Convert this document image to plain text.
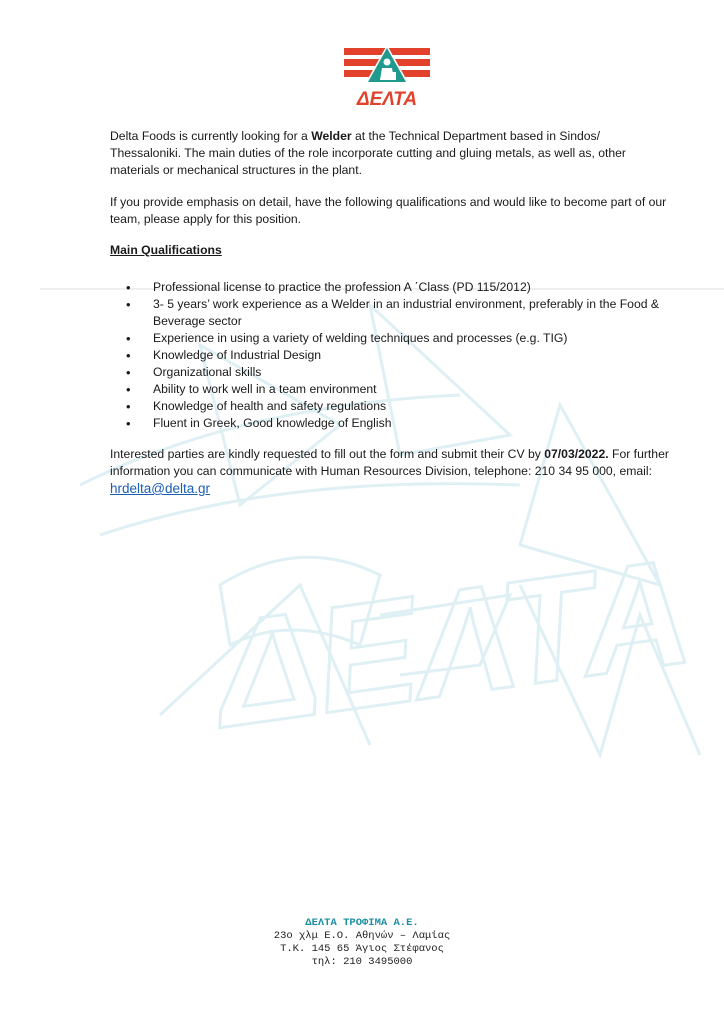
ΔΕΛΤΑ
ΔΕΛΤΑ

Delta Foods is currently looking for a Welder at the Technical Department based in Sindos/ Thessaloniki. The main duties of the role incorporate cutting and gluing metals, as well as, other materials or mechanical structures in the plant.

If you provide emphasis on detail, have the following qualifications and would like to become part of our team, please apply for this position.

Main Qualifications

• Professional license to practice the profession A ΄Class (PD 115/2012)
• 3- 5 years’ work experience as a Welder in an industrial environment, preferably in the Food & Beverage sector
• Experience in using a variety of welding techniques and processes (e.g. TIG)
• Knowledge of Industrial Design
• Organizational skills
• Ability to work well in a team environment
• Knowledge of health and safety regulations
• Fluent in Greek, Good knowledge of English

Interested parties are kindly requested to fill out the form and submit their CV by 07/03/2022. For further information you can communicate with Human Resources Division, telephone: 210 34 95 000, email: hrdelta@delta.gr

ΔΕΛΤΑ ΤΡΟΦΙΜΑ Α.Ε.
23ο χλμ Ε.Ο. Αθηνών – Λαμίας
Τ.Κ. 145 65 Άγιος Στέφανος
τηλ: 210 3495000
